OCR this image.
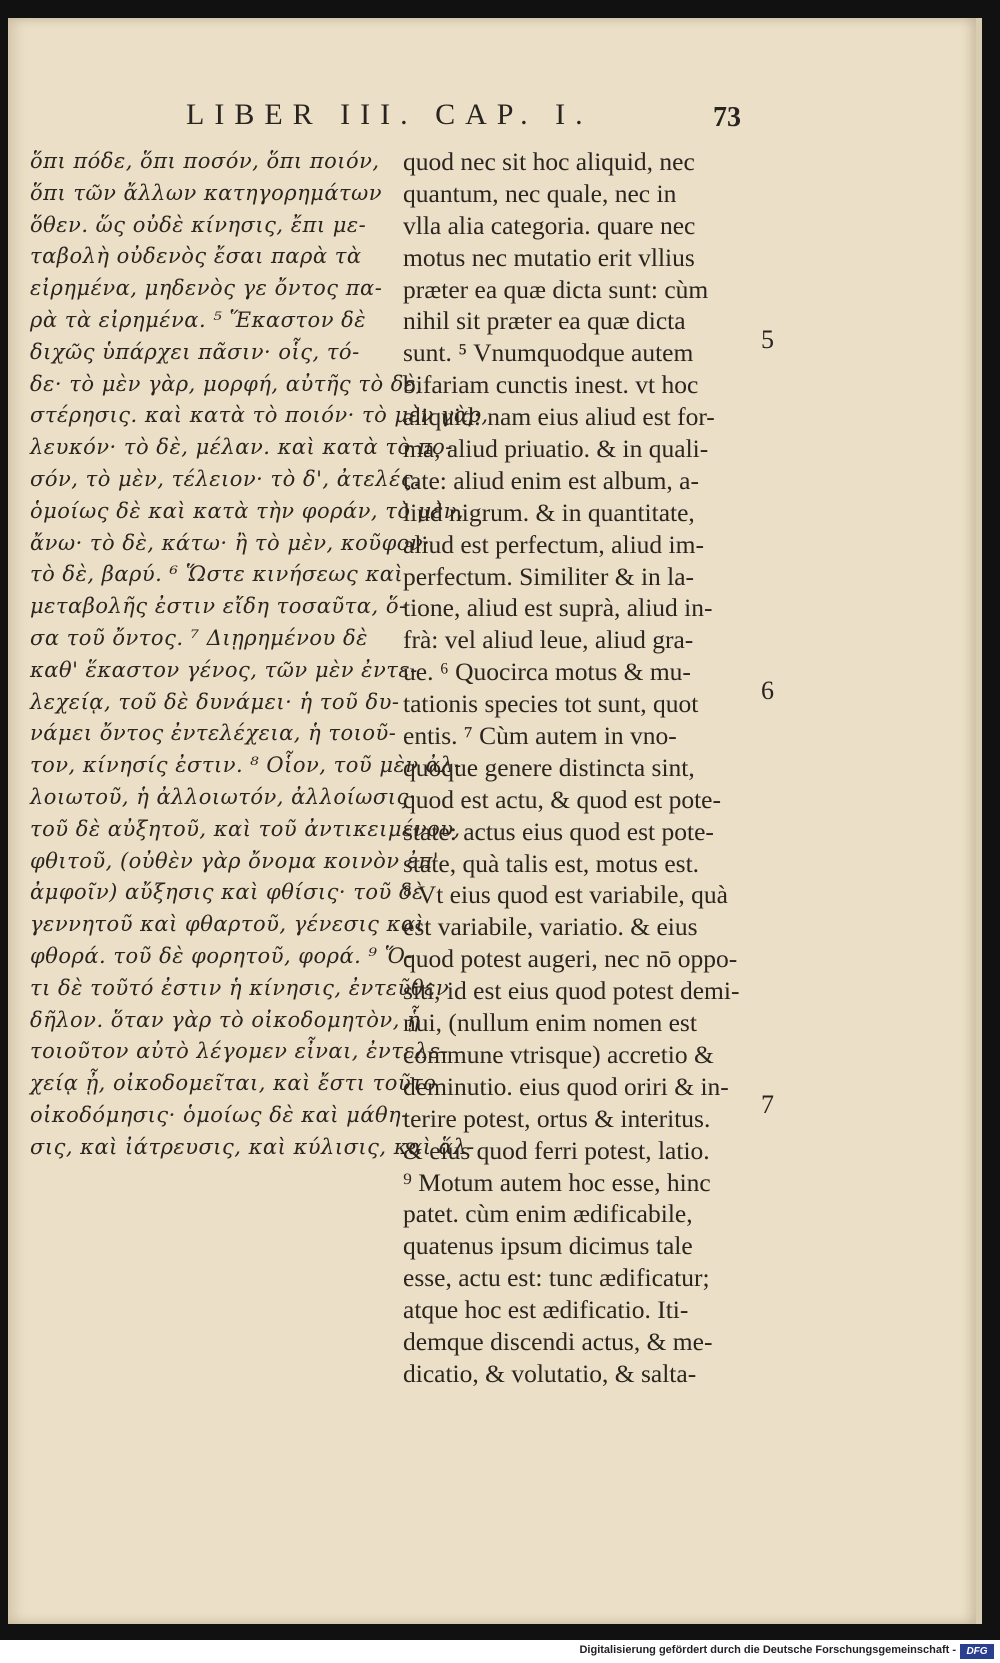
LIBER III. CAP. I.	73
ὅπι πόδε, ὅπι ποσόν, ὅπι ποιόν,
ὅπι τῶν ἄλλων κατηγορημάτων
ὅθεν. ὥς οὐδὲ κίνησις, ἔπι με-
ταβολὴ οὐδενὸς ἔσαι παρὰ τὰ
εἰρημένα, μηδενὸς γε ὄντος πα-
ρὰ τὰ εἰρημένα. ⁵ Ἕκαστον δὲ
διχῶς ὑπάρχει πᾶσιν· οἷς, τό-
δε· τὸ μὲν γὰρ, μορφή, αὐτῆς τὸ δὲ,
στέρησις. καὶ κατὰ τὸ ποιόν· τὸ μὲν γὰρ,
λευκόν· τὸ δὲ, μέλαν. καὶ κατὰ τὸ πο-
σόν, τὸ μὲν, τέλειον· τὸ δ', ἀτελές.
ὁμοίως δὲ καὶ κατὰ τὴν φοράν, τὸ μὲν,
ἄνω· τὸ δὲ, κάτω· ἢ τὸ μὲν, κοῦφον·
τὸ δὲ, βαρύ. ⁶ Ὥστε κινήσεως καὶ
μεταβολῆς ἐστιν εἴδη τοσαῦτα, ὅ-
σα τοῦ ὄντος. ⁷ Διῃρημένου δὲ
καθ' ἕκαστον γένος, τῶν μὲν ἐντε-
λεχείᾳ, τοῦ δὲ δυνάμει· ἡ τοῦ δυ-
νάμει ὄντος ἐντελέχεια, ἡ τοιοῦ-
τον, κίνησίς ἐστιν. ⁸ Οἷον, τοῦ μὲν ἀλ-
λοιωτοῦ, ἡ ἀλλοιωτόν, ἀλλοίωσις·
τοῦ δὲ αὐξητοῦ, καὶ τοῦ ἀντικειμένου,
φθιτοῦ, (οὐθὲν γὰρ ὄνομα κοινὸν ἐπ'
ἀμφοῖν) αὔξησις καὶ φθίσις· τοῦ δὲ
γεννητοῦ καὶ φθαρτοῦ, γένεσις καὶ
φθορά. τοῦ δὲ φορητοῦ, φορά. ⁹ Ὅ-
τι δὲ τοῦτό ἐστιν ἡ κίνησις, ἐντεῦθεν
δῆλον. ὅταν γὰρ τὸ οἰκοδομητὸν, ᾗ
τοιοῦτον αὐτὸ λέγομεν εἶναι, ἐντελε-
χείᾳ ᾖ, οἰκοδομεῖται, καὶ ἔστι τοῦτο
οἰκοδόμησις· ὁμοίως δὲ καὶ μάθη-
σις, καὶ ἰάτρευσις, καὶ κύλισις, καὶ ἅλ-
quod nec sit hoc aliquid, nec
quantum, nec quale, nec in
vlla alia categoria. quare nec
motus nec mutatio erit vllius
præter ea quæ dicta sunt: cùm
nihil sit præter ea quæ dicta
sunt. ⁵ Vnumquodque autem
bifariam cunctis inest. vt hoc
aliquid: nam eius aliud est for-
ma, aliud priuatio. & in quali-
tate: aliud enim est album, a-
liud nigrum. & in quantitate,
aliud est perfectum, aliud im-
perfectum. Similiter & in la-
tione, aliud est suprà, aliud in-
frà: vel aliud leue, aliud gra-
ue. ⁶ Quocirca motus & mu-
tationis species tot sunt, quot
entis. ⁷ Cùm autem in vno-
quoque genere distincta sint,
quod est actu, & quod est pote-
state: actus eius quod est pote-
state, quà talis est, motus est.
⁸ Vt eius quod est variabile, quà
est variabile, variatio. & eius
quod potest augeri, nec nō oppo-
siti, id est eius quod potest demi-
nui, (nullum enim nomen est
commune vtrisque) accretio &
deminutio. eius quod oriri & in-
terire potest, ortus & interitus.
& eius quod ferri potest, latio.
⁹ Motum autem hoc esse, hinc
patet. cùm enim ædificabile,
quatenus ipsum dicimus tale
esse, actu est: tunc ædificatur;
atque hoc est ædificatio. Iti-
demque discendi actus, & me-
dicatio, & volutatio, & salta-
5
6
7
Digitalisierung gefördert durch die Deutsche Forschungsgemeinschaft -	DFG
